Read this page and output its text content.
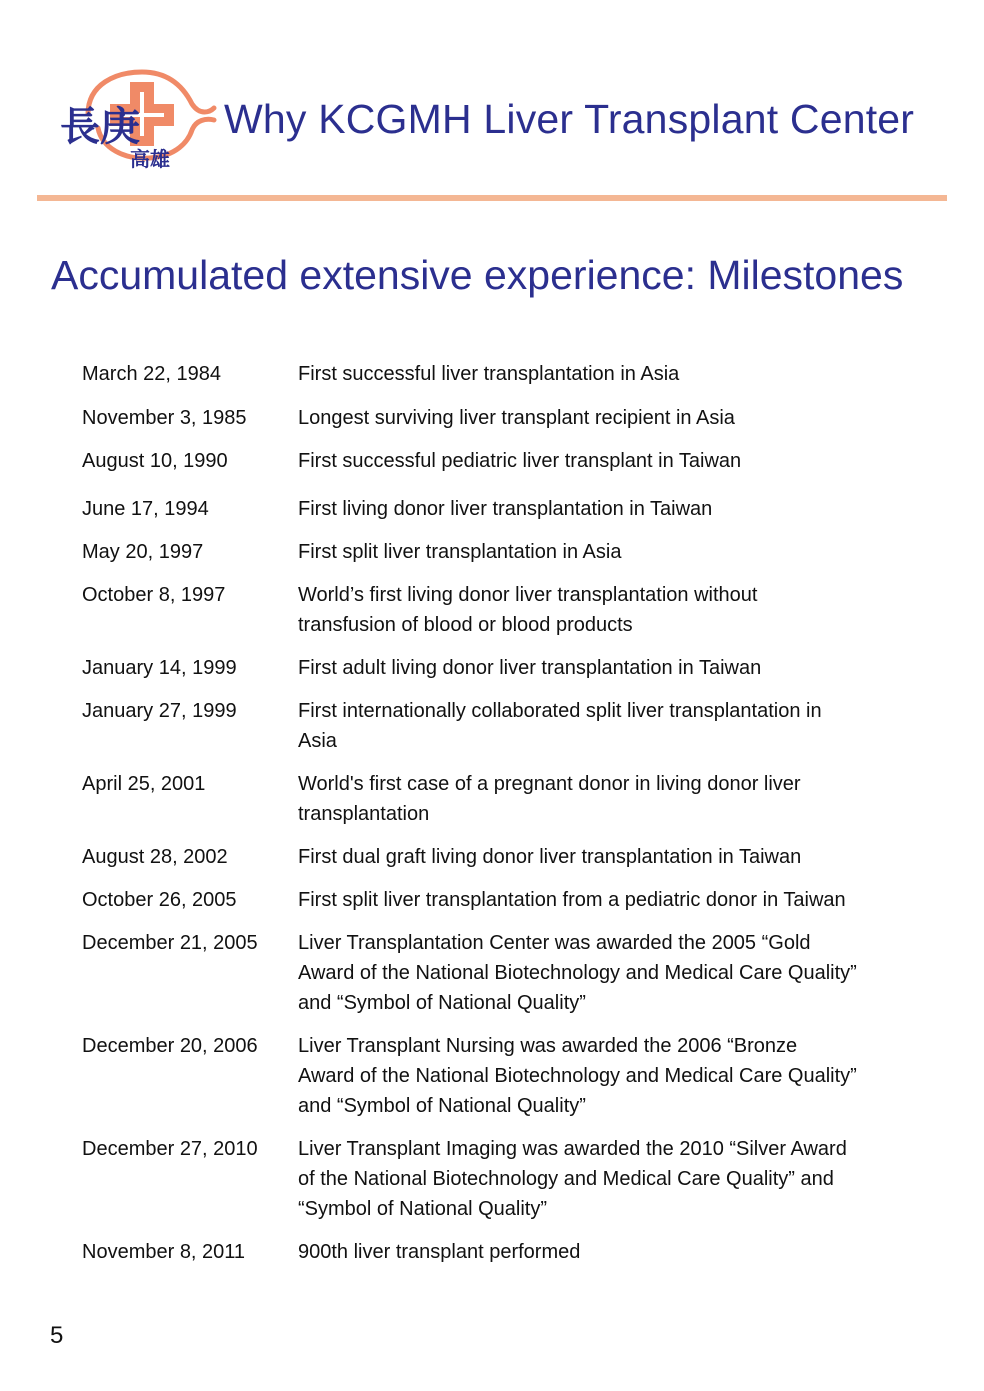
長庚
高雄
Why KCGMH Liver Transplant Center
Accumulated extensive experience: Milestones
March 22, 1984	First successful liver transplantation in Asia
November 3, 1985	Longest surviving liver transplant recipient in Asia
August 10, 1990	First successful pediatric liver transplant in Taiwan
June 17, 1994	First living donor liver transplantation in Taiwan
May 20, 1997	First split liver transplantation in Asia
October 8, 1997	World’s first living donor liver transplantation without
transfusion of blood or blood products
January 14, 1999	First adult living donor liver transplantation in Taiwan
January 27, 1999	First internationally collaborated split liver transplantation in
Asia
April 25, 2001	World's first case of a pregnant donor in living donor liver
transplantation
August 28, 2002	First dual graft living donor liver transplantation in Taiwan
October 26, 2005	First split liver transplantation from a pediatric donor in Taiwan
December 21, 2005	Liver Transplantation Center was awarded the 2005 “Gold
Award of the National Biotechnology and Medical Care Quality”
and “Symbol of National Quality”
December 20, 2006	Liver Transplant Nursing was awarded the 2006 “Bronze
Award of the National Biotechnology and Medical Care Quality”
and “Symbol of National Quality”
December 27, 2010	Liver Transplant Imaging was awarded the 2010 “Silver Award
of the National Biotechnology and Medical Care Quality” and
“Symbol of National Quality”
November 8, 2011	900th liver transplant performed
5
